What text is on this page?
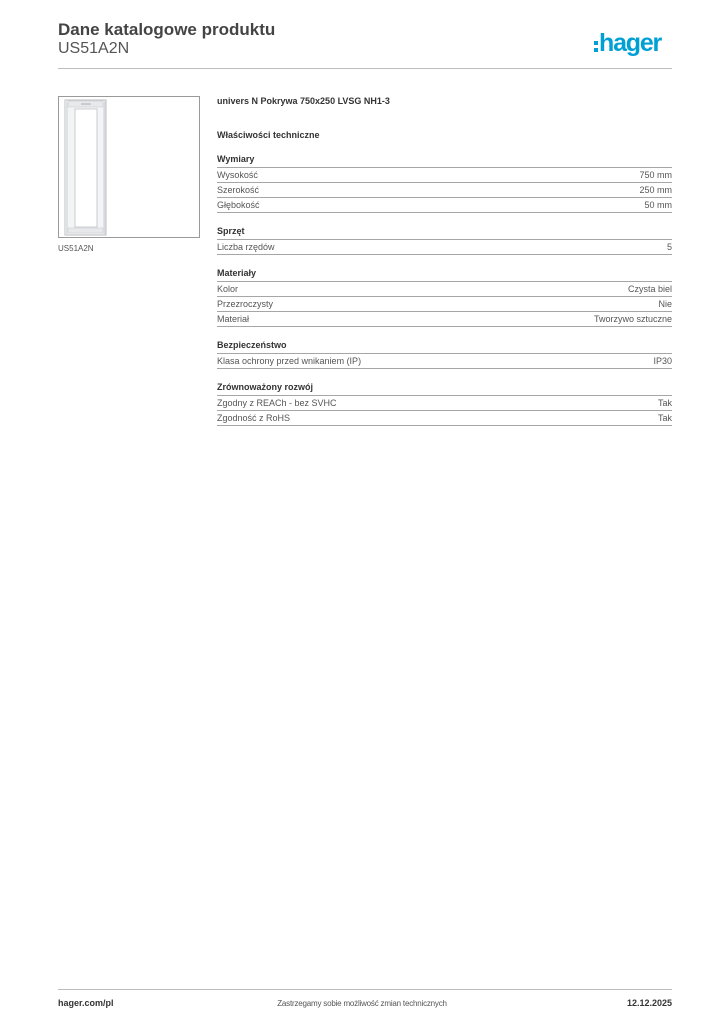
Dane katalogowe produktu
US51A2N	hager
US51A2N
univers N Pokrywa 750x250 LVSG NH1-3
Właściwości techniczne
Wymiary
Wysokość	750 mm
Szerokość	250 mm
Głębokość	50 mm
Sprzęt
Liczba rzędów	5
Materiały
Kolor	Czysta biel
Przezroczysty	Nie
Materiał	Tworzywo sztuczne
Bezpieczeństwo
Klasa ochrony przed wnikaniem (IP)	IP30
Zrównoważony rozwój
Zgodny z REACh - bez SVHC	Tak
Zgodność z RoHS	Tak
hager.com/pl	Zastrzegamy sobie możliwość zmian technicznych	12.12.2025
